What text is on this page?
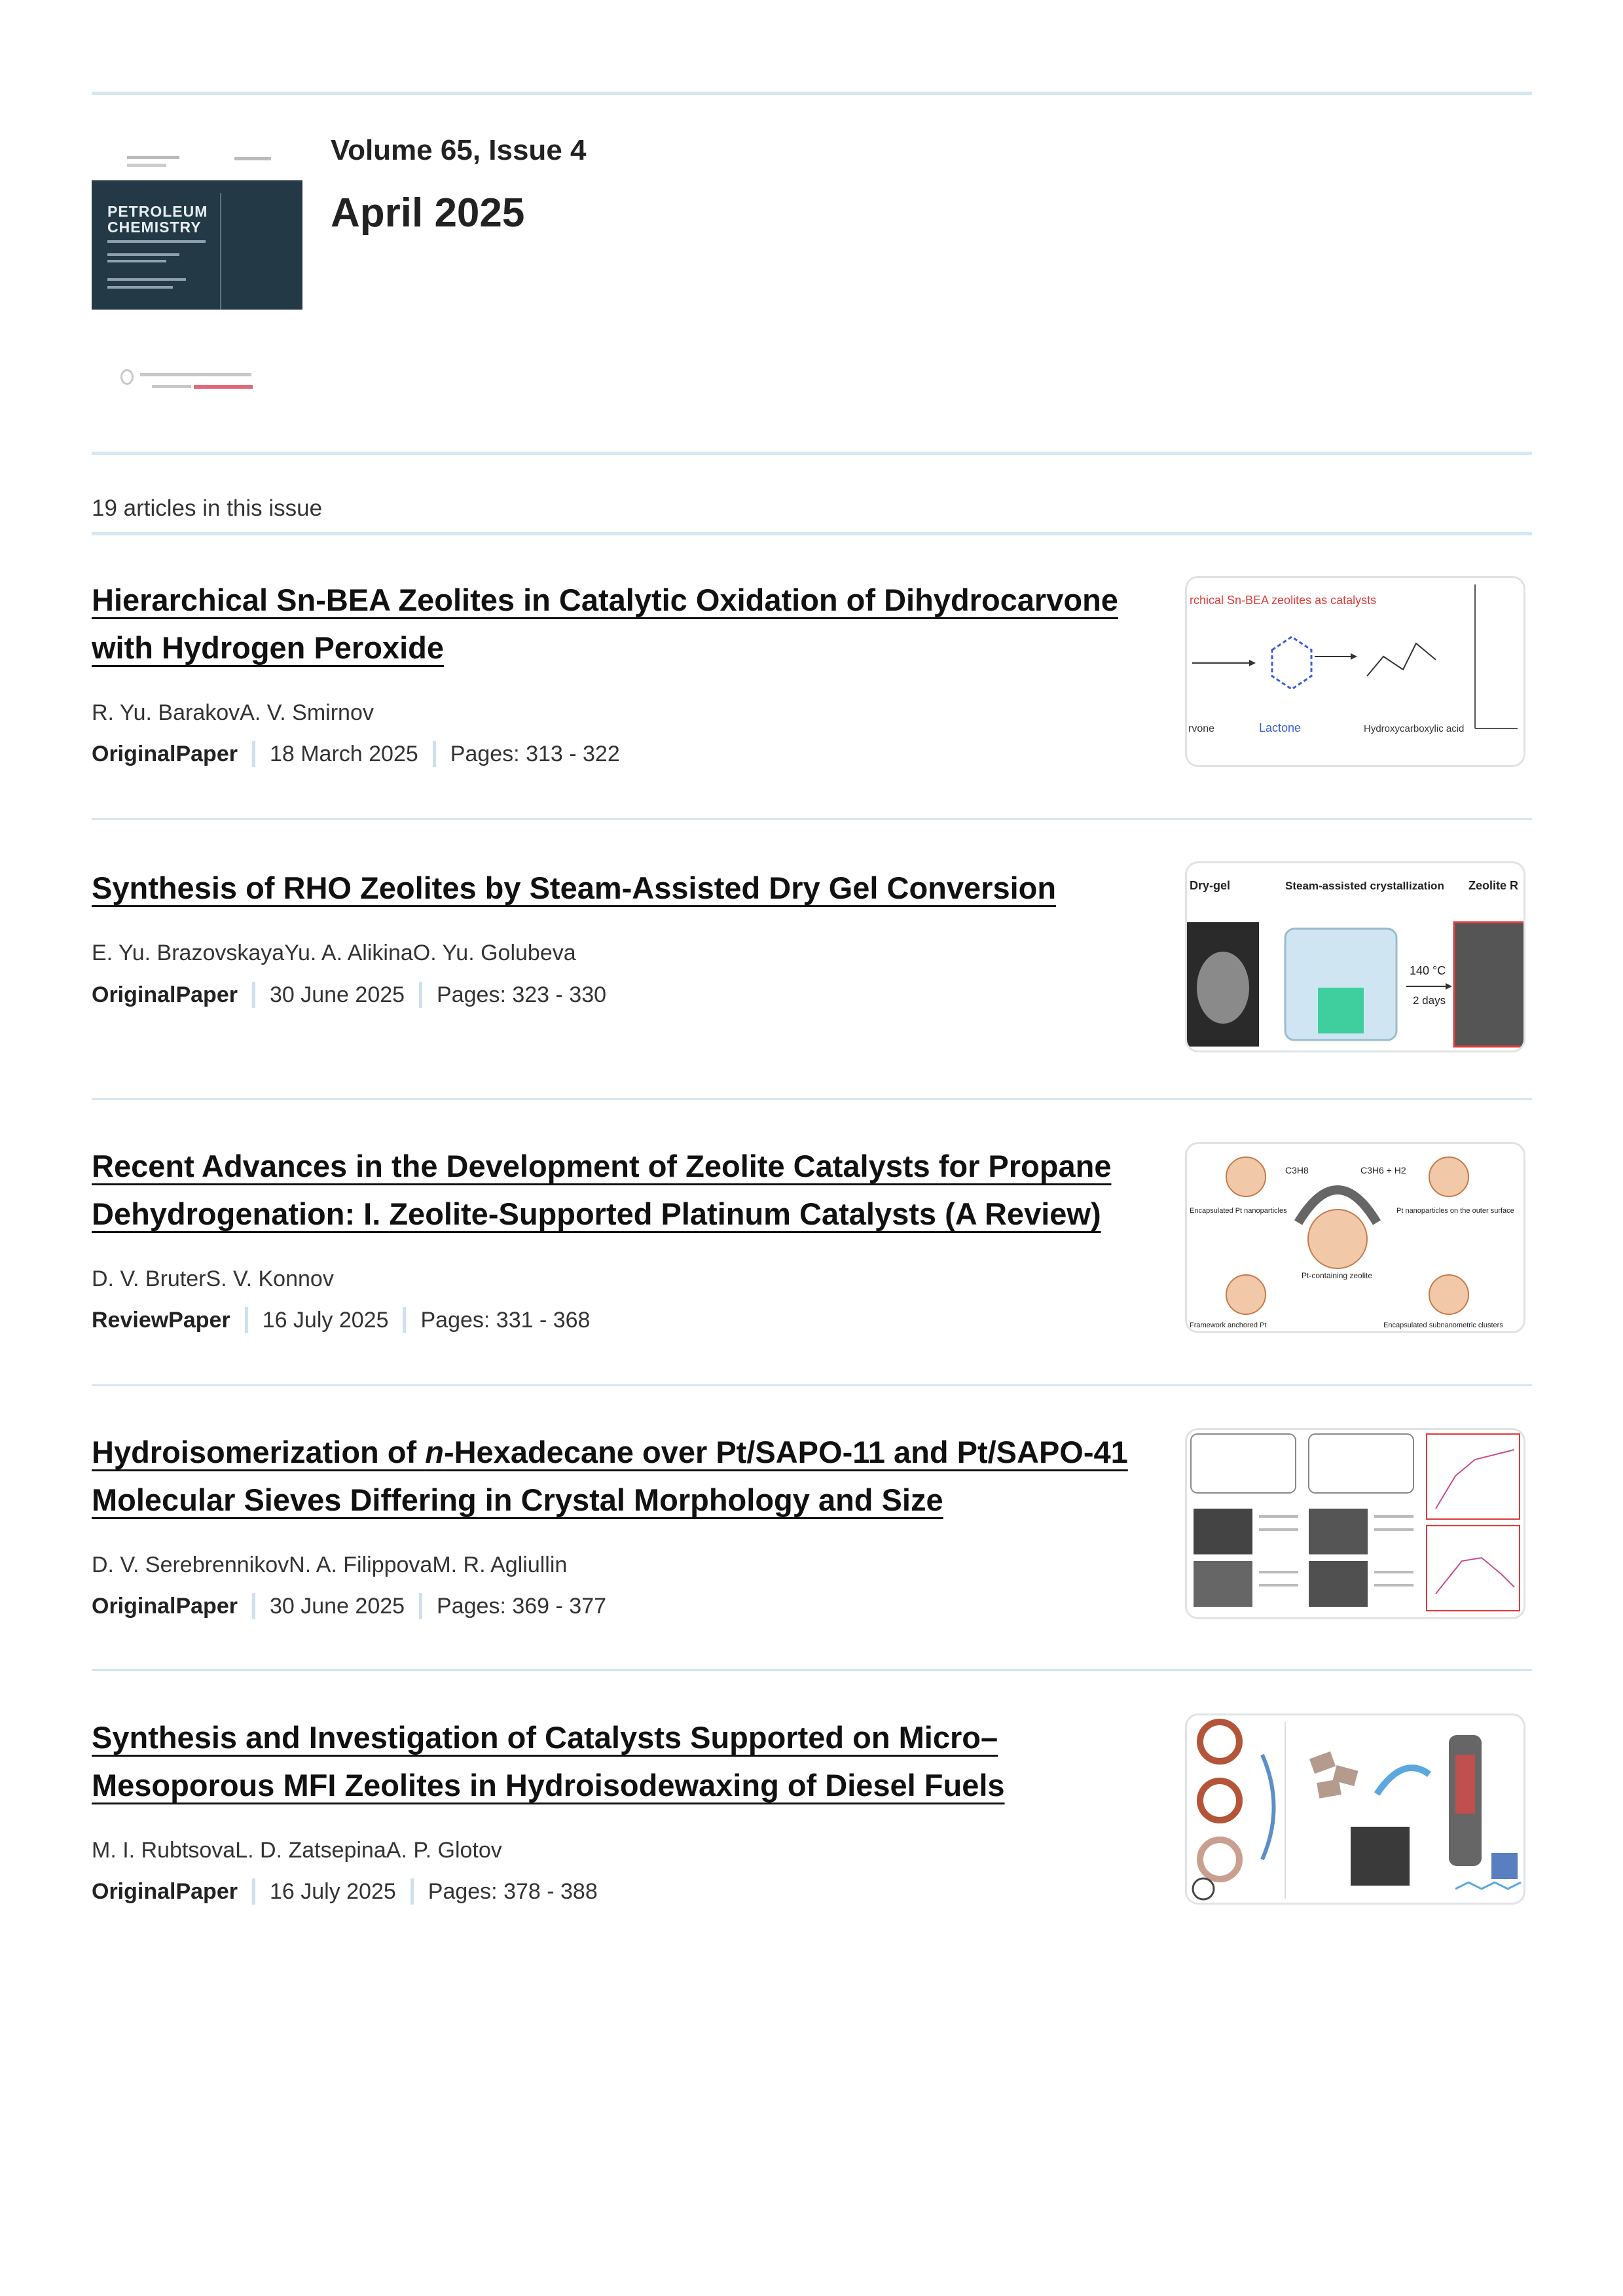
PETROLEUM CHEMISTRY
Volume 65, Issue 4
April 2025
19 articles in this issue
Hierarchical Sn-BEA Zeolites in Catalytic Oxidation of Dihydrocarvone with Hydrogen Peroxide
R. Yu. BarakovA. V. Smirnov
OriginalPaper 18 March 2025 Pages: 313 - 322
rchical Sn-BEA zeolites as catalysts
Lactone	Hydroxycarboxylic acid
rvone
Synthesis of RHO Zeolites by Steam-Assisted Dry Gel Conversion
E. Yu. BrazovskayaYu. A. AlikinaO. Yu. Golubeva
OriginalPaper 30 June 2025 Pages: 323 - 330
Dry-gel	Steam-assisted crystallization Zeolite R
140 °C
2 days
Recent Advances in the Development of Zeolite Catalysts for Propane Dehydrogenation: I. Zeolite-Supported Platinum Catalysts (A Review)
D. V. BruterS. V. Konnov
ReviewPaper 16 July 2025 Pages: 331 - 368
C3H8	C3H6 + H2
Encapsulated Pt nanoparticles	Pt nanoparticles on the outer surface
Pt-containing zeolite
Framework anchored Pt	Encapsulated subnanometric clusters
Hydroisomerization of n-Hexadecane over Pt/SAPO-11 and Pt/SAPO-41 Molecular Sieves Differing in Crystal Morphology and Size
D. V. SerebrennikovN. A. FilippovaM. R. Agliullin
OriginalPaper 30 June 2025 Pages: 369 - 377
Synthesis and Investigation of Catalysts Supported on Micro–Mesoporous MFI Zeolites in Hydroisodewaxing of Diesel Fuels
M. I. RubtsovaL. D. ZatsepinaA. P. Glotov
OriginalPaper 16 July 2025 Pages: 378 - 388
